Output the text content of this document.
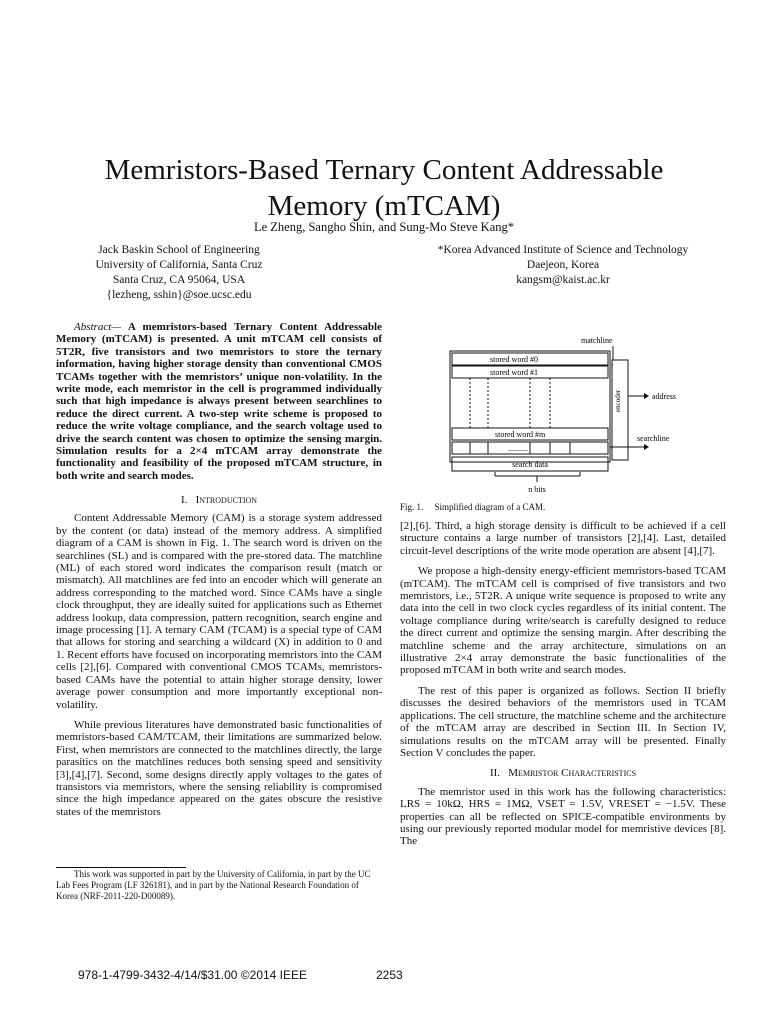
Memristors-Based Ternary Content Addressable
Memory (mTCAM)
Le Zheng, Sangho Shin, and Sung-Mo Steve Kang*
Jack Baskin School of Engineering
University of California, Santa Cruz
Santa Cruz, CA 95064, USA
{lezheng, sshin}@soe.ucsc.edu
*Korea Advanced Institute of Science and Technology
Daejeon, Korea
kangsm@kaist.ac.kr

Abstract— A memristors-based Ternary Content Addressable Memory (mTCAM) is presented. A unit mTCAM cell consists of 5T2R, five transistors and two memristors to store the ternary information, having higher storage density than conventional CMOS TCAMs together with the memristors’ unique non-volatility. In the write mode, each memristor in the cell is programmed individually such that high impedance is always present between searchlines to reduce the direct current. A two-step write scheme is proposed to reduce the write voltage compliance, and the search voltage used to drive the search content was chosen to optimize the sensing margin. Simulation results for a 2×4 mTCAM array demonstrate the functionality and feasibility of the proposed mTCAM structure, in both write and search modes.

I. Introduction

Content Addressable Memory (CAM) is a storage system addressed by the content (or data) instead of the memory address. A simplified diagram of a CAM is shown in Fig. 1. The search word is driven on the searchlines (SL) and is compared with the pre-stored data. The matchline (ML) of each stored word indicates the comparison result (match or mismatch). All matchlines are fed into an encoder which will generate an address corresponding to the matched word. Since CAMs have a single clock throughput, they are ideally suited for applications such as Ethernet address lookup, data compression, pattern recognition, search engine and image processing [1]. A ternary CAM (TCAM) is a special type of CAM that allows for storing and searching a wildcard (X) in addition to 0 and 1. Recent efforts have focused on incorporating memristors into the CAM cells [2],[6]. Compared with conventional CMOS TCAMs, memristors-based CAMs have the potential to attain higher storage density, lower average power consumption and more importantly exceptional non-volatility.

While previous literatures have demonstrated basic functionalities of memristors-based CAM/TCAM, their limitations are summarized below. First, when memristors are connected to the matchlines directly, the large parasitics on the matchlines reduces both sensing speed and sensitivity [3],[4],[7]. Second, some designs directly apply voltages to the gates of transistors via memristors, where the sensing reliability is compromised since the high impedance appeared on the gates obscure the resistive states of the memristors

This work was supported in part by the University of California, in part by the UC Lab Fees Program (LF 326181), and in part by the National Research Foundation of Korea (NRF-2011-220-D00089).
matchline
stored word #0
stored word #1
stored word #m
..........
encoder	address
searchline
search data
n bits
Fig. 1. Simplified diagram of a CAM.

[2],[6]. Third, a high storage density is difficult to be achieved if a cell structure contains a large number of transistors [2],[4]. Last, detailed circuit-level descriptions of the write mode operation are absent [4],[7].

We propose a high-density energy-efficient memristors-based TCAM (mTCAM). The mTCAM cell is comprised of five transistors and two memristors, i.e., 5T2R. A unique write sequence is proposed to write any data into the cell in two clock cycles regardless of its initial content. The voltage compliance during write/search is carefully designed to reduce the direct current and optimize the sensing margin. After describing the matchline scheme and the array architecture, simulations on an illustrative 2×4 array demonstrate the basic functionalities of the proposed mTCAM in both write and search modes.

The rest of this paper is organized as follows. Section II briefly discusses the desired behaviors of the memristors used in TCAM applications. The cell structure, the matchline scheme and the architecture of the mTCAM array are described in Section III. In Section IV, simulations results on the mTCAM array will be presented. Finally Section V concludes the paper.

II. Memristor Characteristics

The memristor used in this work has the following characteristics: LRS = 10kΩ, HRS = 1MΩ, VSET = 1.5V, VRESET = −1.5V. These properties can all be reflected on SPICE-compatible environments by using our previously reported modular model for memristive devices [8]. The

978-1-4799-3432-4/14/$31.00 ©2014 IEEE	2253
